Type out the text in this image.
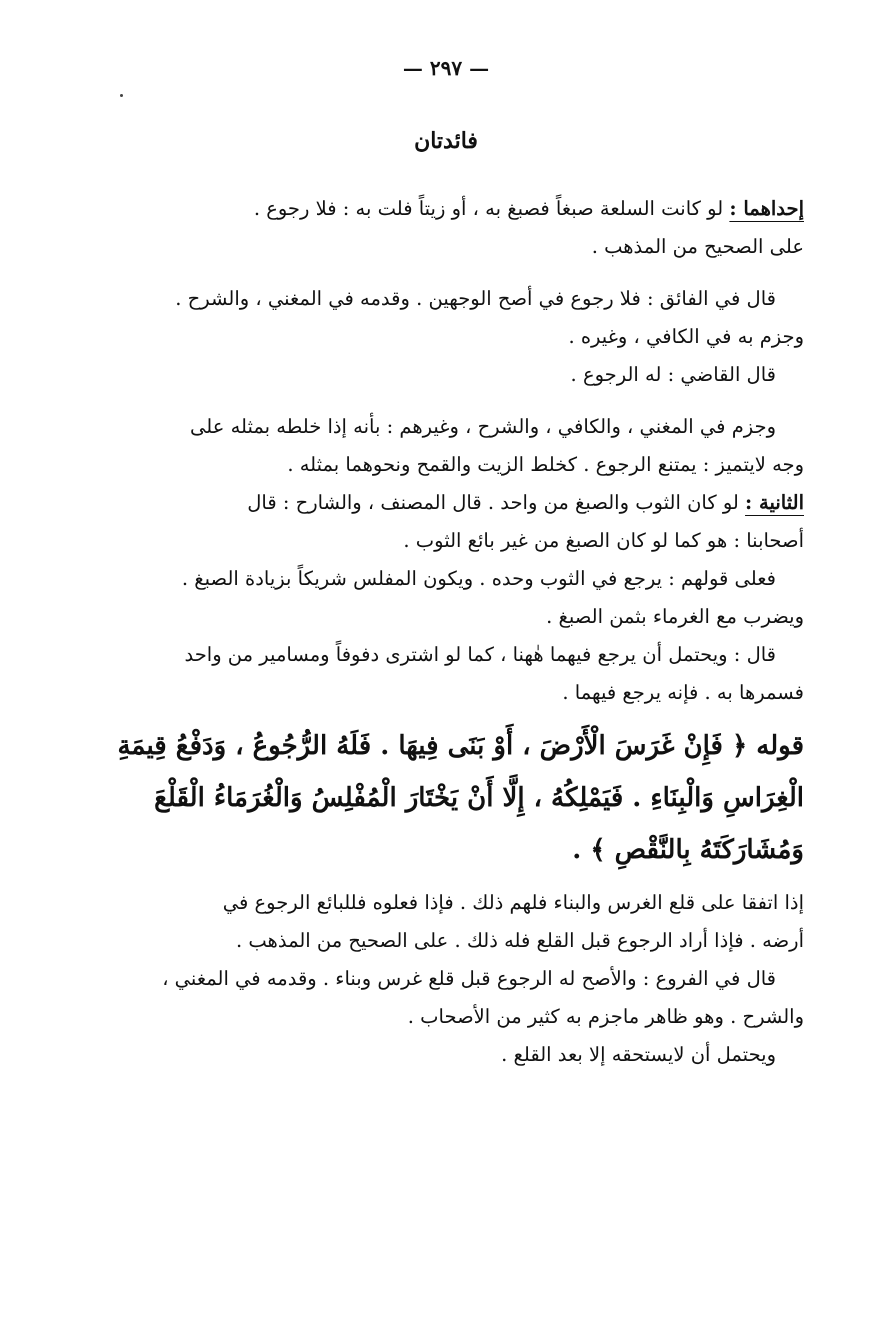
— ٢٩٧ —
فائدتان
إحداهما : لو كانت السلعة صبغاً فصبغ به ، أو زيتاً فلت به : فلا رجوع .
على الصحيح من المذهب .
قال في الفائق : فلا رجوع في أصح الوجهين . وقدمه في المغني ، والشرح .
وجزم به في الكافي ، وغيره .
قال القاضي : له الرجوع .
وجزم في المغني ، والكافي ، والشرح ، وغيرهم : بأنه إذا خلطه بمثله على
وجه لايتميز : يمتنع الرجوع . كخلط الزيت والقمح ونحوهما بمثله .
الثانية : لو كان الثوب والصبغ من واحد . قال المصنف ، والشارح : قال
أصحابنا : هو كما لو كان الصبغ من غير بائع الثوب .
فعلى قولهم : يرجع في الثوب وحده . ويكون المفلس شريكاً بزيادة الصبغ .
ويضرب مع الغرماء بثمن الصبغ .
قال : ويحتمل أن يرجع فيهما هٰهنا ، كما لو اشترى دفوفاً ومسامير من واحد
فسمرها به . فإنه يرجع فيهما .
قوله ﴿ فَإِنْ غَرَسَ الْأَرْضَ ، أَوْ بَنَى فِيهَا . فَلَهُ الرُّجُوعُ ، وَدَفْعُ قِيمَةِ
الْغِرَاسِ وَالْبِنَاءِ . فَيَمْلِكُهُ ، إِلَّا أَنْ يَخْتَارَ الْمُفْلِسُ وَالْغُرَمَاءُ الْقَلْعَ
وَمُشَارَكَتَهُ بِالنَّقْصِ ﴾ .
إذا اتفقا على قلع الغرس والبناء فلهم ذلك . فإذا فعلوه فللبائع الرجوع في
أرضه . فإذا أراد الرجوع قبل القلع فله ذلك . على الصحيح من المذهب .
قال في الفروع : والأصح له الرجوع قبل قلع غرس وبناء . وقدمه في المغني ،
والشرح . وهو ظاهر ماجزم به كثير من الأصحاب .
ويحتمل أن لايستحقه إلا بعد القلع .
